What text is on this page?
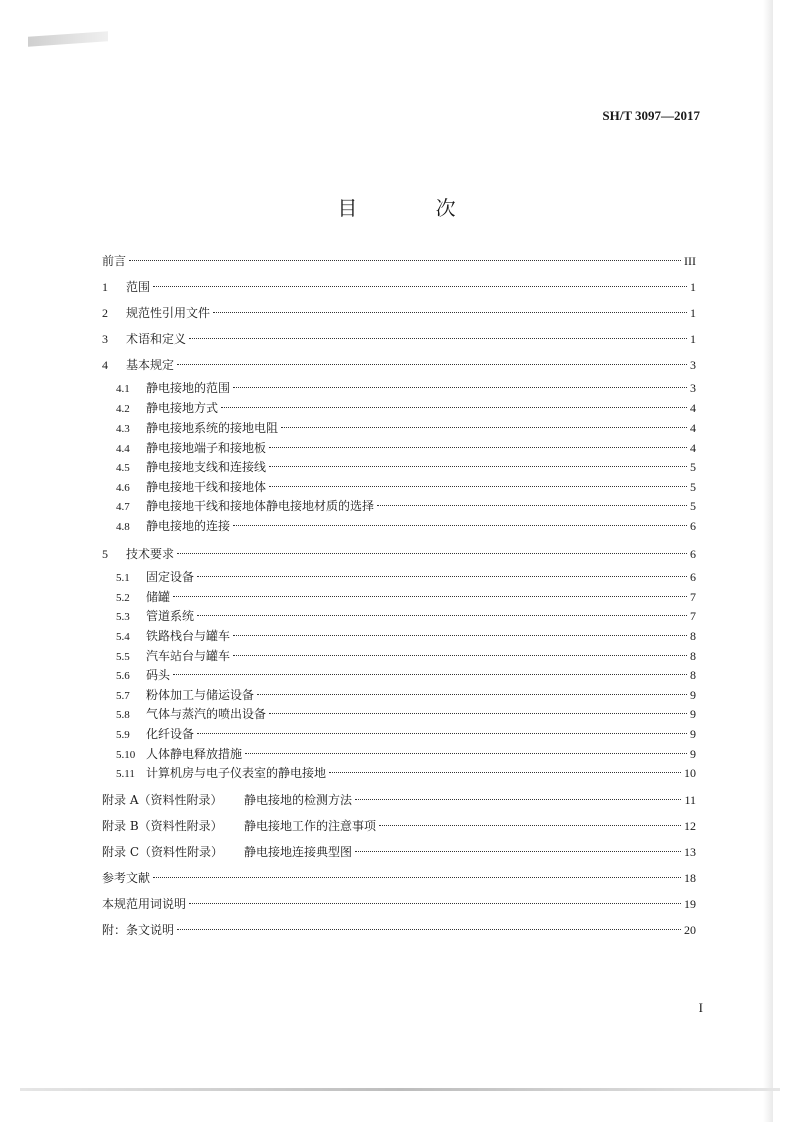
SH/T 3097—2017
目 次
前言	III
1	范围	1
2	规范性引用文件	1
3	术语和定义	1
4	基本规定	3
4.1	静电接地的范围	3
4.2	静电接地方式	4
4.3	静电接地系统的接地电阻	4
4.4	静电接地端子和接地板	4
4.5	静电接地支线和连接线	5
4.6	静电接地干线和接地体	5
4.7	静电接地干线和接地体静电接地材质的选择	5
4.8	静电接地的连接	6
5	技术要求	6
5.1	固定设备	6
5.2	储罐	7
5.3	管道系统	7
5.4	铁路栈台与罐车	8
5.5	汽车站台与罐车	8
5.6	码头	8
5.7	粉体加工与储运设备	9
5.8	气体与蒸汽的喷出设备	9
5.9	化纤设备	9
5.10 人体静电释放措施	9
5.11 计算机房与电子仪表室的静电接地	10
附录 A（资料性附录）	静电接地的检测方法	11
附录 B（资料性附录）	静电接地工作的注意事项	12
附录 C（资料性附录）	静电接地连接典型图	13
参考文献	18
本规范用词说明	19
附：条文说明	20
I
